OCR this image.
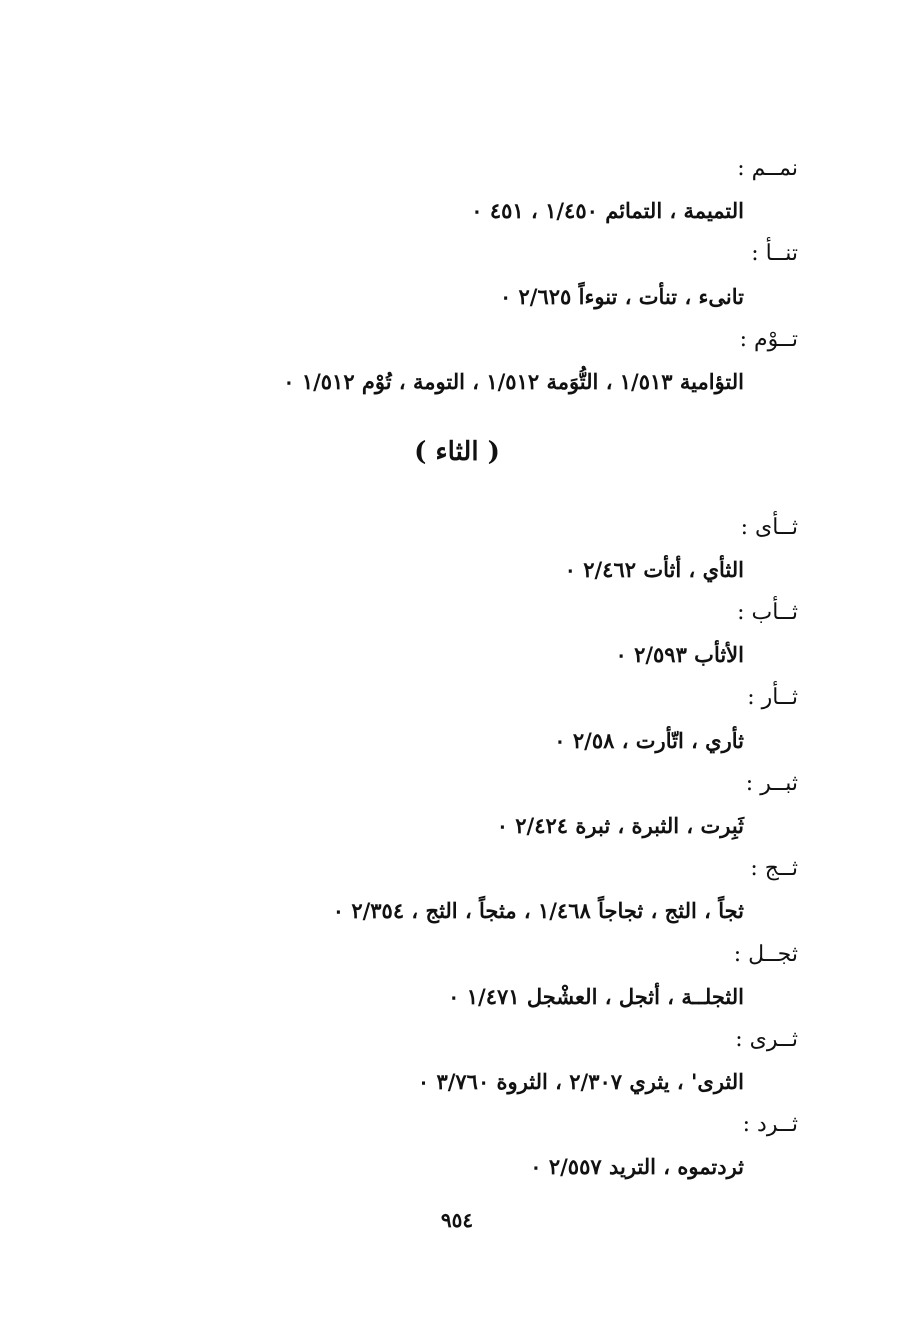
نمــم :
التميمة ، التمائم ١/٤٥٠ ، ٤٥١ ٠
تنــأ :
تانىء ، تنأت ، تنوءاً ٢/٦٢٥ ٠
تــوْم :
التؤامية ١/٥١٣ ، التُّوَمة ١/٥١٢ ، التومة ، تُوْم ١/٥١٢ ٠
( الثاء )
ثــأى :
الثأي ، أثأت ٢/٤٦٢ ٠
ثــأب :
الأثأب ٢/٥٩٣ ٠
ثــأر :
ثأري ، اتّأرت ، ٢/٥٨ ٠
ثبــر :
ثَبِرت ، الثبرة ، ثبرة ٢/٤٢٤ ٠
ثــج :
ثجاً ، الثج ، ثجاجاً ١/٤٦٨ ، مثجاً ، الثج ، ٢/٣٥٤ ٠
ثجــل :
الثجلــة ، أثجل ، العشْجل ١/٤٧١ ٠
ثــرى :
الثرى' ، يثري ٢/٣٠٧ ، الثروة ٣/٧٦٠ ٠
ثــرد :
ثردتموه ، التريد ٢/٥٥٧ ٠
٩٥٤
